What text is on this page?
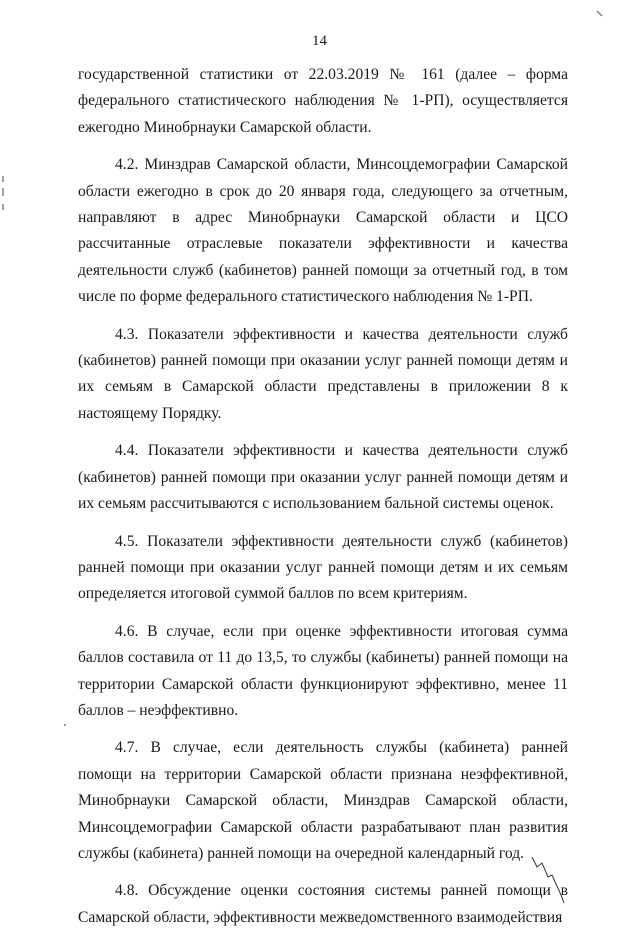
14

государственной статистики от 22.03.2019 № 161 (далее – форма федерального статистического наблюдения № 1-РП), осуществляется ежегодно Минобрнауки Самарской области.

4.2. Минздрав Самарской области, Минсоцдемографии Самарской области ежегодно в срок до 20 января года, следующего за отчетным, направляют в адрес Минобрнауки Самарской области и ЦСО рассчитанные отраслевые показатели эффективности и качества деятельности служб (кабинетов) ранней помощи за отчетный год, в том числе по форме федерального статистического наблюдения № 1-РП.

4.3. Показатели эффективности и качества деятельности служб (кабинетов) ранней помощи при оказании услуг ранней помощи детям и их семьям в Самарской области представлены в приложении 8 к настоящему Порядку.

4.4. Показатели эффективности и качества деятельности служб (кабинетов) ранней помощи при оказании услуг ранней помощи детям и их семьям рассчитываются с использованием бальной системы оценок.

4.5. Показатели эффективности деятельности служб (кабинетов) ранней помощи при оказании услуг ранней помощи детям и их семьям определяется итоговой суммой баллов по всем критериям.

4.6. В случае, если при оценке эффективности итоговая сумма баллов составила от 11 до 13,5, то службы (кабинеты) ранней помощи на территории Самарской области функционируют эффективно, менее 11 баллов – неэффективно.

4.7. В случае, если деятельность службы (кабинета) ранней помощи на территории Самарской области признана неэффективной, Минобрнауки Самарской области, Минздрав Самарской области, Минсоцдемографии Самарской области разрабатывают план развития службы (кабинета) ранней помощи на очередной календарный год.

4.8. Обсуждение оценки состояния системы ранней помощи в Самарской области, эффективности межведомственного взаимодействия
